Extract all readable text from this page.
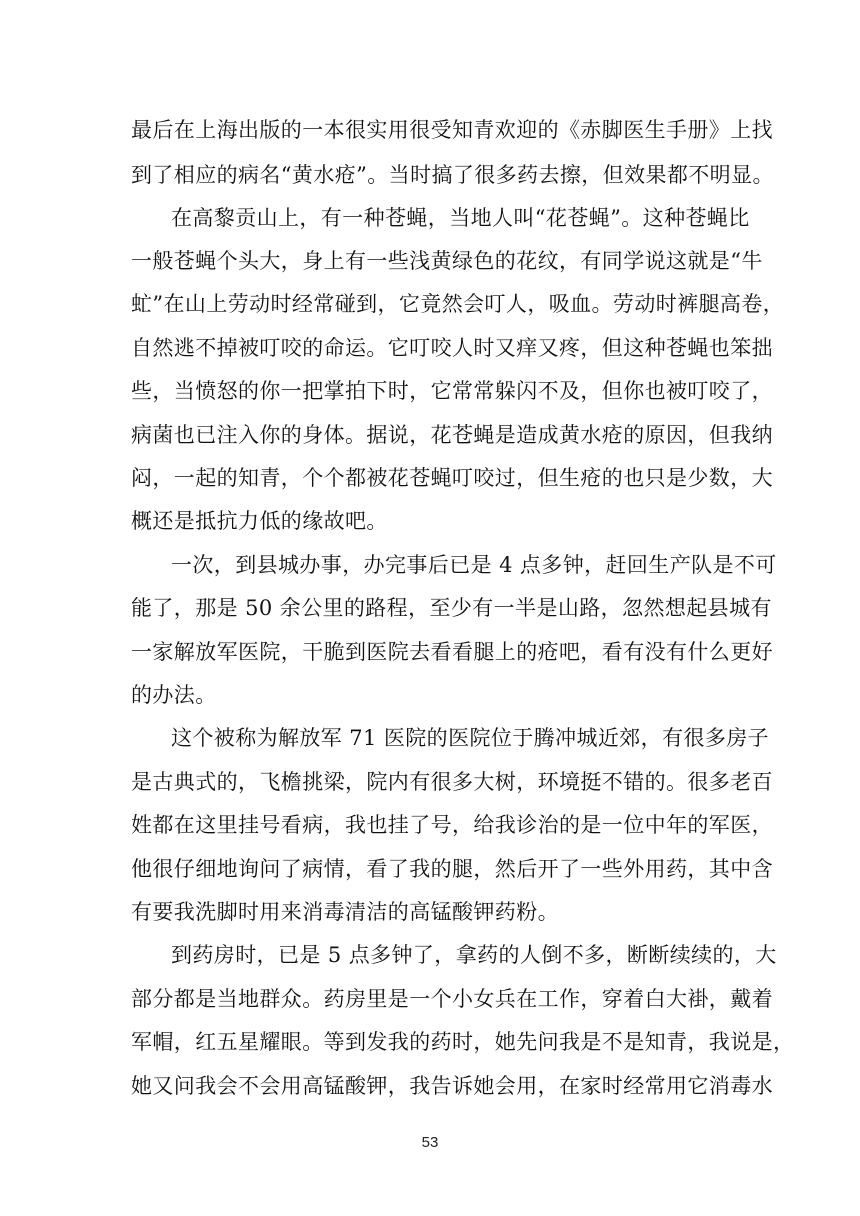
最后在上海出版的一本很实用很受知青欢迎的《赤脚医生手册》上找
到了相应的病名“黄水疮”。当时搞了很多药去擦，但效果都不明显。
在高黎贡山上，有一种苍蝇，当地人叫“花苍蝇”。这种苍蝇比
一般苍蝇个头大，身上有一些浅黄绿色的花纹，有同学说这就是“牛
虻”在山上劳动时经常碰到，它竟然会叮人，吸血。劳动时裤腿高卷，
自然逃不掉被叮咬的命运。它叮咬人时又痒又疼，但这种苍蝇也笨拙
些，当愤怒的你一把掌拍下时，它常常躲闪不及，但你也被叮咬了，
病菌也已注入你的身体。据说，花苍蝇是造成黄水疮的原因，但我纳
闷，一起的知青，个个都被花苍蝇叮咬过，但生疮的也只是少数，大
概还是抵抗力低的缘故吧。
一次，到县城办事，办完事后已是 4 点多钟，赶回生产队是不可
能了，那是 50 余公里的路程，至少有一半是山路，忽然想起县城有
一家解放军医院，干脆到医院去看看腿上的疮吧，看有没有什么更好
的办法。
这个被称为解放军 71 医院的医院位于腾冲城近郊，有很多房子
是古典式的，飞檐挑梁，院内有很多大树，环境挺不错的。很多老百
姓都在这里挂号看病，我也挂了号，给我诊治的是一位中年的军医，
他很仔细地询问了病情，看了我的腿，然后开了一些外用药，其中含
有要我洗脚时用来消毒清洁的高锰酸钾药粉。
到药房时，已是 5 点多钟了，拿药的人倒不多，断断续续的，大
部分都是当地群众。药房里是一个小女兵在工作，穿着白大褂，戴着
军帽，红五星耀眼。等到发我的药时，她先问我是不是知青，我说是，
她又问我会不会用高锰酸钾，我告诉她会用，在家时经常用它消毒水
53
